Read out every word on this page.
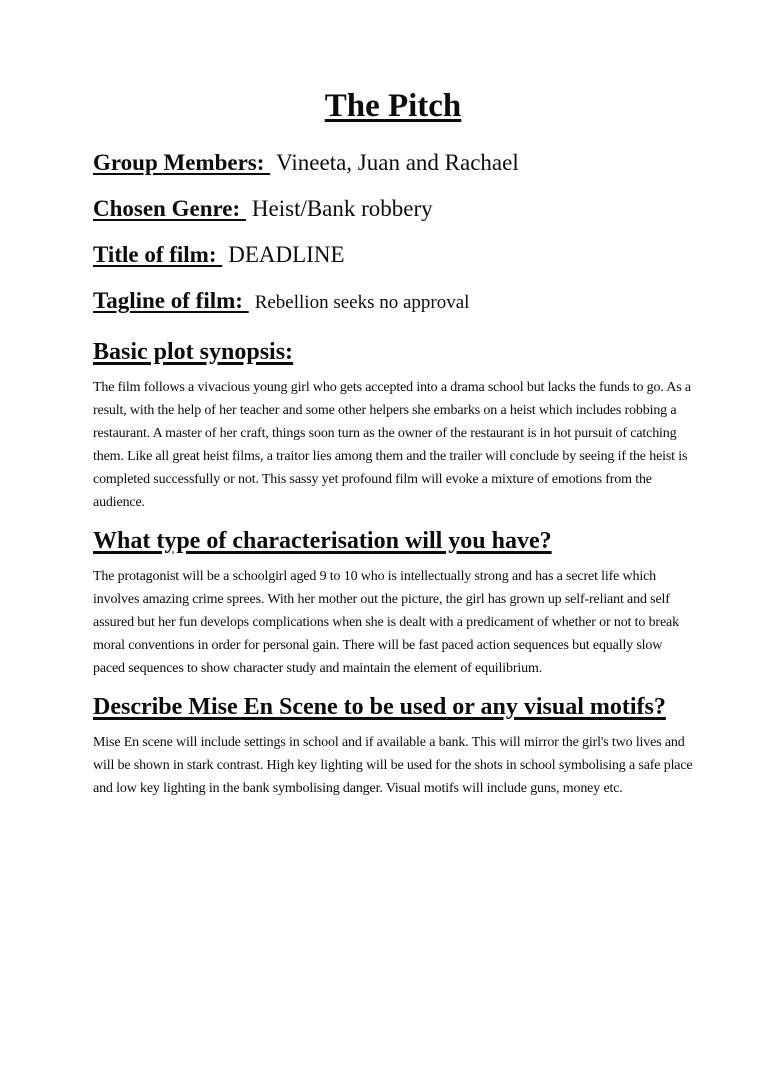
The Pitch

Group Members: Vineeta, Juan and Rachael

Chosen Genre: Heist/Bank robbery

Title of film: DEADLINE

Tagline of film: Rebellion seeks no approval

Basic plot synopsis:

The film follows a vivacious young girl who gets accepted into a drama school but lacks the funds to go. As a result, with the help of her teacher and some other helpers she embarks on a heist which includes robbing a restaurant. A master of her craft, things soon turn as the owner of the restaurant is in hot pursuit of catching them. Like all great heist films, a traitor lies among them and the trailer will conclude by seeing if the heist is completed successfully or not. This sassy yet profound film will evoke a mixture of emotions from the audience.

What type of characterisation will you have?

The protagonist will be a schoolgirl aged 9 to 10 who is intellectually strong and has a secret life which involves amazing crime sprees. With her mother out the picture, the girl has grown up self-reliant and self assured but her fun develops complications when she is dealt with a predicament of whether or not to break moral conventions in order for personal gain. There will be fast paced action sequences but equally slow paced sequences to show character study and maintain the element of equilibrium.

Describe Mise En Scene to be used or any visual motifs?

Mise En scene will include settings in school and if available a bank. This will mirror the girl's two lives and will be shown in stark contrast. High key lighting will be used for the shots in school symbolising a safe place and low key lighting in the bank symbolising danger. Visual motifs will include guns, money etc.
